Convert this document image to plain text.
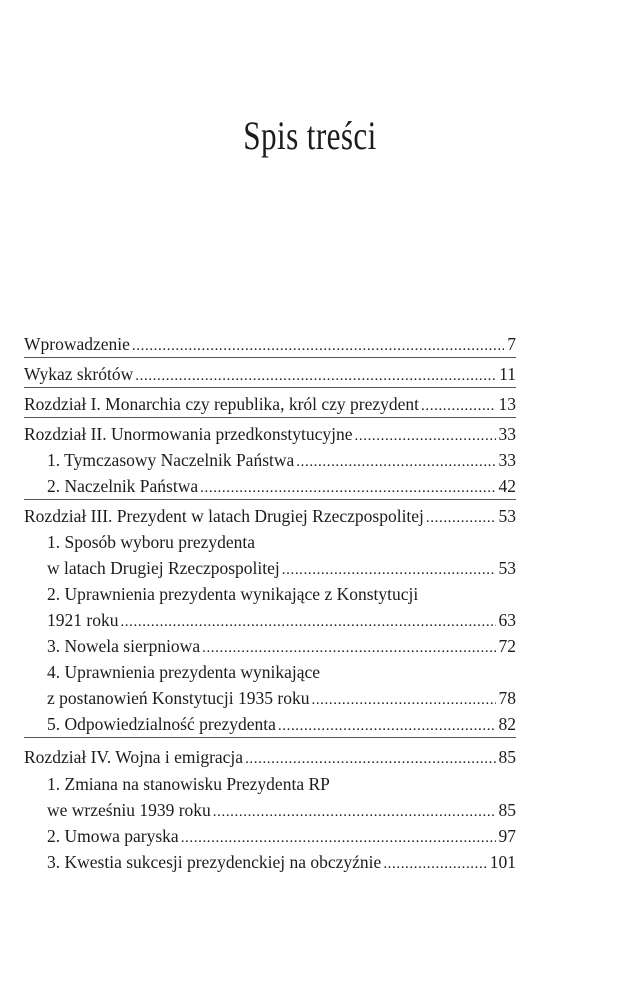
Spis treści
Wprowadzenie .....	7
Wykaz skrótów .....	11
Rozdział I. Monarchia czy republika, król czy prezydent .....	13
Rozdział II. Unormowania przedkonstytucyjne .....	33
1. Tymczasowy Naczelnik Państwa .....	33
2. Naczelnik Państwa .....	42
Rozdział III. Prezydent w latach Drugiej Rzeczpospolitej .....	53
1. Sposób wyboru prezydenta
w latach Drugiej Rzeczpospolitej .....	53
2. Uprawnienia prezydenta wynikające z Konstytucji
1921 roku .....	63
3. Nowela sierpniowa .....	72
4. Uprawnienia prezydenta wynikające
z postanowień Konstytucji 1935 roku .....	78
5. Odpowiedzialność prezydenta .....	82
Rozdział IV. Wojna i emigracja .....	85
1. Zmiana na stanowisku Prezydenta RP
we wrześniu 1939 roku .....	85
2. Umowa paryska .....	97
3. Kwestia sukcesji prezydenckiej na obczyźnie .....	101
